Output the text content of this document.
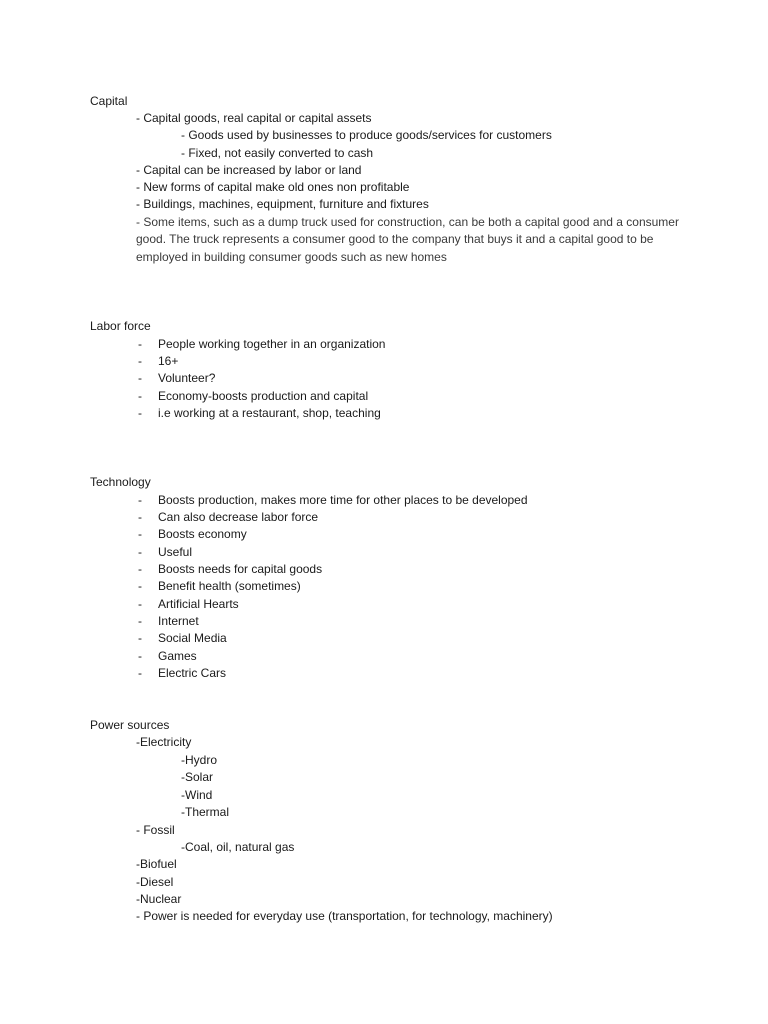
Capital
- Capital goods, real capital or capital assets
- Goods used by businesses to produce goods/services for customers
- Fixed, not easily converted to cash
- Capital can be increased by labor or land
- New forms of capital make old ones non profitable
- Buildings, machines, equipment, furniture and fixtures
- Some items, such as a dump truck used for construction, can be both a capital good and a consumer good. The truck represents a consumer good to the company that buys it and a capital good to be employed in building consumer goods such as new homes
Labor force
- People working together in an organization
- 16+
- Volunteer?
- Economy-boosts production and capital
- i.e working at a restaurant, shop, teaching
Technology
- Boosts production, makes more time for other places to be developed
- Can also decrease labor force
- Boosts economy
- Useful
- Boosts needs for capital goods
- Benefit health (sometimes)
- Artificial Hearts
- Internet
- Social Media
- Games
- Electric Cars
Power sources
-Electricity
-Hydro
-Solar
-Wind
-Thermal
- Fossil
-Coal, oil, natural gas
-Biofuel
-Diesel
-Nuclear
- Power is needed for everyday use (transportation, for technology, machinery)
